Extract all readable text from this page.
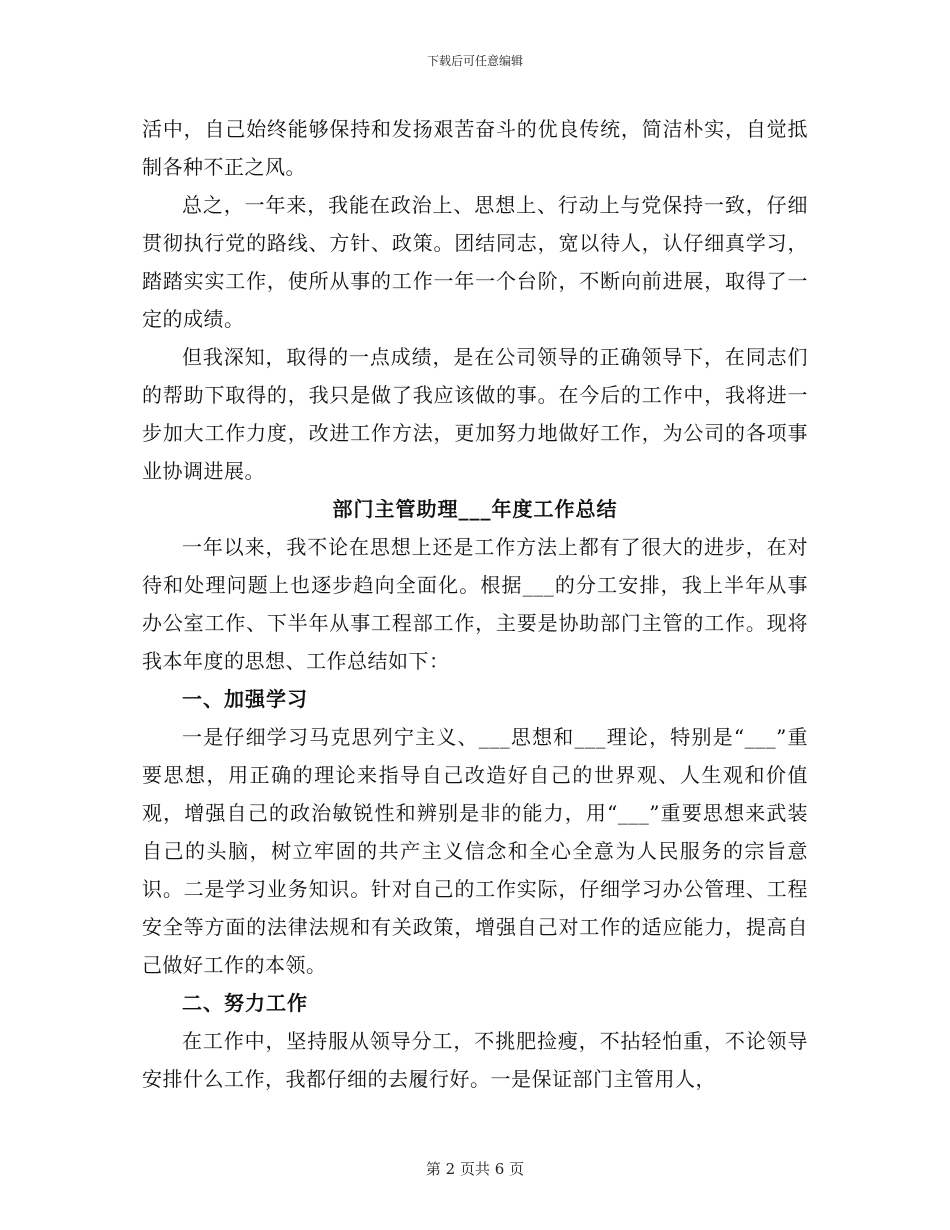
下载后可任意编辑

活中，自己始终能够保持和发扬艰苦奋斗的优良传统，简洁朴实，自觉抵制各种不正之风。

总之，一年来，我能在政治上、思想上、行动上与党保持一致，仔细贯彻执行党的路线、方针、政策。团结同志，宽以待人，认仔细真学习，踏踏实实工作，使所从事的工作一年一个台阶，不断向前进展，取得了一定的成绩。

但我深知，取得的一点成绩，是在公司领导的正确领导下，在同志们的帮助下取得的，我只是做了我应该做的事。在今后的工作中，我将进一步加大工作力度，改进工作方法，更加努力地做好工作，为公司的各项事业协调进展。

部门主管助理___年度工作总结

一年以来，我不论在思想上还是工作方法上都有了很大的进步，在对待和处理问题上也逐步趋向全面化。根据___的分工安排，我上半年从事办公室工作、下半年从事工程部工作，主要是协助部门主管的工作。现将我本年度的思想、工作总结如下：

一、加强学习

一是仔细学习马克思列宁主义、___思想和___理论，特别是“___”重要思想，用正确的理论来指导自己改造好自己的世界观、人生观和价值观，增强自己的政治敏锐性和辨别是非的能力，用“___”重要思想来武装自己的头脑，树立牢固的共产主义信念和全心全意为人民服务的宗旨意识。二是学习业务知识。针对自己的工作实际，仔细学习办公管理、工程安全等方面的法律法规和有关政策，增强自己对工作的适应能力，提高自己做好工作的本领。

二、努力工作

在工作中，坚持服从领导分工，不挑肥捡瘦，不拈轻怕重，不论领导安排什么工作，我都仔细的去履行好。一是保证部门主管用人，

第 2 页共 6 页
